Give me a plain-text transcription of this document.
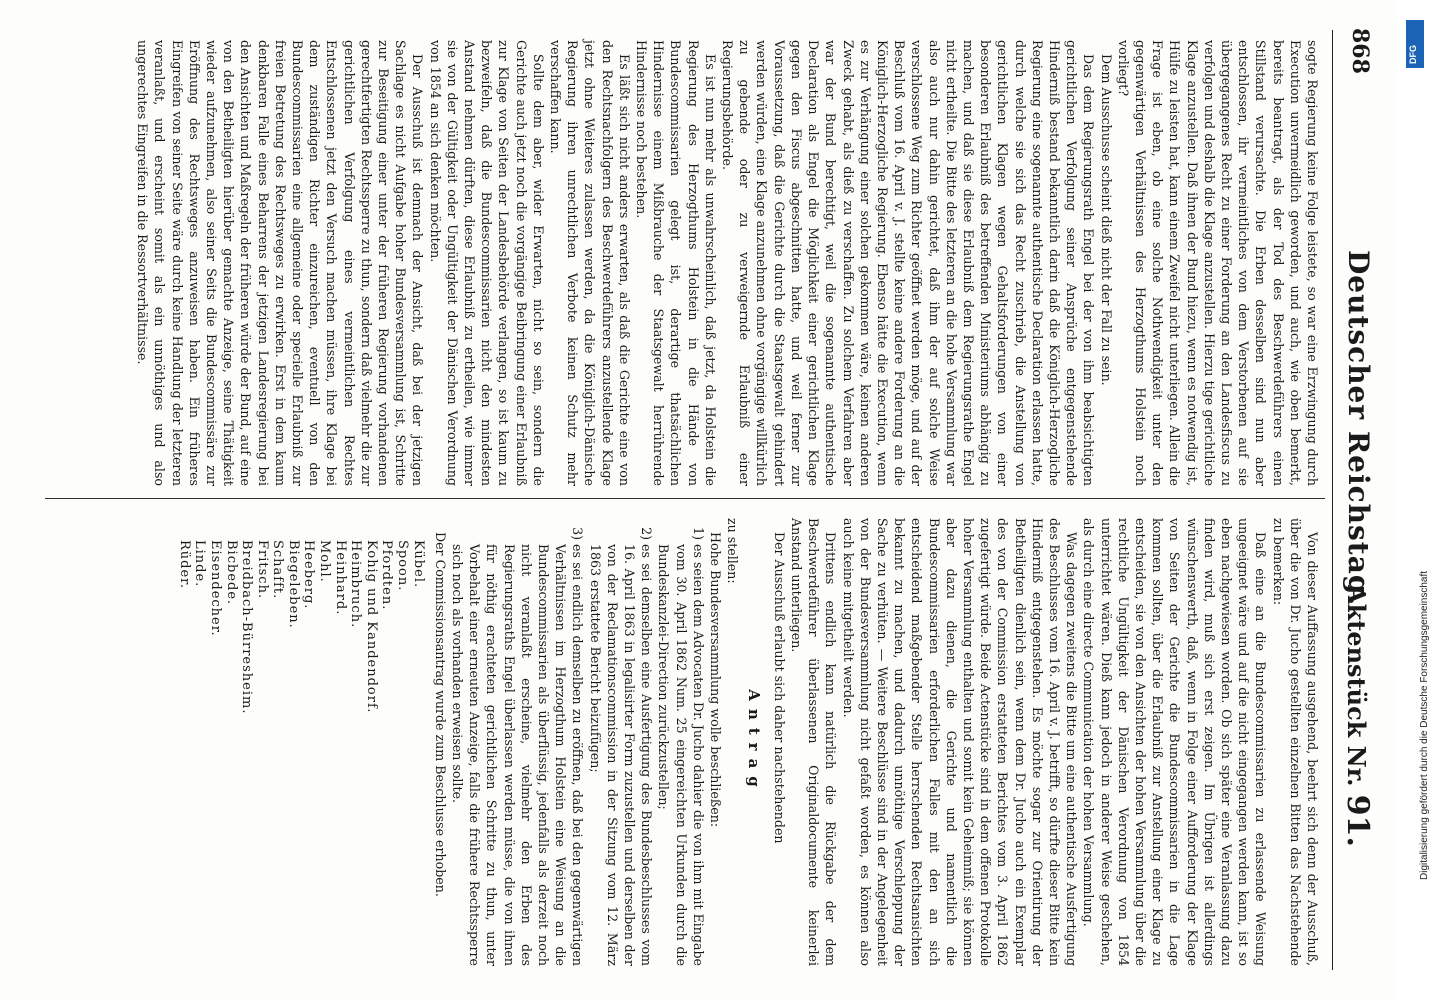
868
Deutscher Reichstag.
Aktenstück Nr. 91.

sogte Regierung keine Folge leistete, so war eine Erzwingung durch Execution unvermeidlich geworden, und auch, wie oben bemerkt, bereits beantragt, als der Tod des Beschwerdeführers einen Stillstand verursachte. Die Erben desselben sind nun aber entschlossen, ihr vermeintliches von dem Verstorbenen auf sie übergegangenes Recht zu einer Forderung an den Landesfiscus zu verfolgen und deshalb die Klage anzustellen. Hierzu tige gerichtliche Klage anzustellen. Daß ihnen der Bund hiezu, wenn es notwendig ist, Hülfe zu leisten hat, kann einem Zweifel nicht unterliegen. Allein die Frage ist eben, ob eine solche Nothwendigkeit unter den gegenwärtigen Verhältnissen des Herzogthums Holstein noch vorliegt?

Dem Ausschusse scheint dieß nicht der Fall zu sein.

Das dem Regierungsrath Engel bei der von ihm beabsichtigten gerichtlichen Verfolgung seiner Ansprüche entgegenstehende Hinderniß bestand bekanntlich darin daß die Königlich-Herzogliche Regierung eine sogenannte authentische Declaration erlassen hatte, durch welche sie sich das Recht zuschrieb, die Anstellung von gerichtlichen Klagen wegen Gehaltsforderungen von einer besonderen Erlaubniß des betreffenden Ministeriums abhängig zu machen, und daß sie diese Erlaubniß dem Regierungsrathe Engel nicht ertheilte. Die Bitte des letzteren an die hohe Versammlung war also auch nur dahin gerichtet, daß ihm der auf solche Weise verschlossene Weg zum Richter geöffnet werden möge, und auf der Beschluß vom 16. April v. J. stellte keine andere Forderung an die Königlich-Herzogliche Regierung. Ebenso hätte die Execution, wenn es zur Verhängung einer solchen gekommen wäre, keinen anderen Zweck gehabt, als dieß zu verschaffen. Zu solchem Verfahren aber war der Bund berechtigt, weil die sogenannte authentische Declaration als Engel die Möglichkeit einer gerichtlichen Klage gegen den Fiscus abgeschnitten hatte, und weil ferner zur Voraussetzung, daß die Gerichte durch die Staatsgewalt gehindert werden würden, eine Klage anzunehmen ohne vorgängige willkürlich zu gebende oder zu verweigernde Erlaubniß einer Regierungsbehörde.

Es ist nun mehr als unwahrscheinlich, daß jetzt, da Holstein die Regierung des Herzogthums Holstein in die Hände von Bundescommissarien gelegt ist, derartige thatsächlichen Hindernisse einem Mißbrauche der Staatsgewalt herrührende Hindernisse noch bestehen.

Es läßt sich nicht anders erwarten, als daß die Gerichte eine von den Rechtsnachfolgern des Beschwerdeführers anzustellende Klage jetzt ohne Weiteres zulassen werden, da die Königlich-Dänische Regierung ihren unrechtlichen Verbote keinen Schutz mehr verschaffen kann.

Sollte dem aber, wider Erwarten, nicht so sein, sondern die Gerichte auch jetzt noch die vorgängige Beibringung einer Erlaubniß zur Klage von Seiten der Landesbehörde verlangen, so ist kaum zu bezweifeln, daß die Bundescommissarien nicht den mindesten Anstand nehmen dürften, diese Erlaubniß zu ertheilen, wie immer sie von der Gültigkeit oder Ungültigkeit der Dänischen Verordnung von 1854 an sich denken möchten.

Der Ausschuß ist demnach der Ansicht, daß bei der jetzigen Sachlage es nicht Aufgabe hoher Bundesversammlung ist, Schritte zur Beseitigung einer unter der früheren Regierung vorhandenen gerechtfertigten Rechtssperre zu thun, sondern daß vielmehr die zur gerichtlichen Verfolgung eines vermeintlichen Rechtes Entschlossenen jetzt den Versuch machen müssen, ihre Klage bei dem zuständigen Richter einzureichen, eventuell von den Bundescommissarien eine allgemeine oder specielle Erlaubniß zur freien Betretung des Rechtsweges zu erwirken. Erst in dem kaum denkbaren Falle eines Beharrens der jetzigen Landesregierung bei den Ansichten und Maßregeln der früheren würde der Bund, auf eine von den Betheiligten hierüber gemachte Anzeige, seine Thätigkeit wieder aufzunehmen, also seiner Seits die Bundescommissäre zur Eröffnung des Rechtsweges anzuweisen haben. Ein früheres Eingreifen von seiner Seite wäre durch keine Handlung der letzteren veranlaßt, und erscheint somit als ein unnöthiges und also ungerechtes Eingreifen in die Ressortverhältnisse.

Von dieser Auffassung ausgehend, beehrt sich denn der Ausschuß, über die von Dr. Jucho gestellten einzelnen Bitten das Nachstehende zu bemerken:

Daß eine an die Bundescommissarien zu erlassende Weisung ungeeignet wäre und auf die nicht eingegangen werden kann, ist so eben nachgewiesen worden. Ob sich später eine Veranlassung dazu finden wird, muß sich erst zeigen. Im Übrigen ist allerdings wünschenswerth, daß, wenn in Folge einer Aufforderung der Klage von Seiten der Gerichte die Bundescommissarien in die Lage kommen sollten, über die Erlaubniß zur Anstellung einer Klage zu entscheiden, sie von den Ansichten der hohen Versammlung über die rechtliche Ungültigkeit der Dänischen Verordnung von 1854 unterrichtet wären. Dieß kann jedoch in anderer Weise geschehen, als durch eine directe Communication der hohen Versammlung.

Was dagegen zweitens die Bitte um eine authentische Ausfertigung des Beschlusses vom 16. April v. J. betrifft, so dürfte dieser Bitte kein Hinderniß entgegenstehen. Es möchte sogar zur Orientirung der Betheiligten dienlich sein, wenn dem Dr. Jucho auch ein Exemplar des von der Commission erstatteten Berichtes vom 3. April 1862 zugefertigt würde. Beide Actenstücke sind in dem offenen Protokolle hoher Versammlung enthalten und somit kein Geheimniß; sie können aber dazu dienen, die Gerichte und namentlich die Bundescommissarien erforderlichen Falles mit den an sich entscheidend maßgebender Stelle herrschenden Rechtsansichten bekannt zu machen, und dadurch unnöthige Verschleppung der Sache zu verhüten. — Weitere Beschlüsse sind in der Angelegenheit von der Bundesversammlung nicht gefaßt worden, es können also auch keine mitgetheilt werden.

Drittens endlich kann natürlich die Rückgabe der dem Beschwerdeführer überlassenen Originaldocumente keinerlei Anstand unterliegen.

Der Ausschuß erlaubt sich daher nachstehenden

Antrag

zu stellen:

Hohe Bundesversammlung wolle beschließen:

1)
es seien dem Advocaten Dr. Jucho dahier die von ihm mit Eingabe vom 30. April 1862 Num. 25 eingereichten Urkunden durch die Bundeskanzlei-Direction zurückzustellen;
2)
es sei demselben eine Ausfertigung des Bundesbeschlusses vom 16. April 1863 in legalisirter Form zuzustellen und derselben der von der Reclamationscommission in der Sitzung vom 12. März 1863 erstattete Bericht beizufügen;
3)
es sei endlich demselben zu eröffnen, daß bei den gegenwärtigen Verhältnissen im Herzogthum Holstein eine Weisung an die Bundescommissarien als überflüssig, jedenfalls als derzeit noch nicht veranlaßt erscheine, vielmehr den Erben des Regierungsraths Engel überlassen werden müsse, die von ihnen für nöthig erachteten gerichtlichen Schritte zu thun, unter Vorbehalt einer erneuten Anzeige, falls die frühere Rechtssperre sich noch als vorhanden erweisen sollte.

Der Commissionsantrag wurde zum Beschlusse erhoben.

Kübel.
Spoon.
Pfordten.
Kohig und Kandendorf.
Heimbruch.
Heinhard.
Mohl.
Heeberg.
Biegeleben.
Schafft.
Fritsch.
Breidbach-Bürresheim.
Bicbede.
Eisendecher.
Linde.
Rüder.
DFG
Digitalisierung gefördert durch die Deutsche Forschungsgemeinschaft
